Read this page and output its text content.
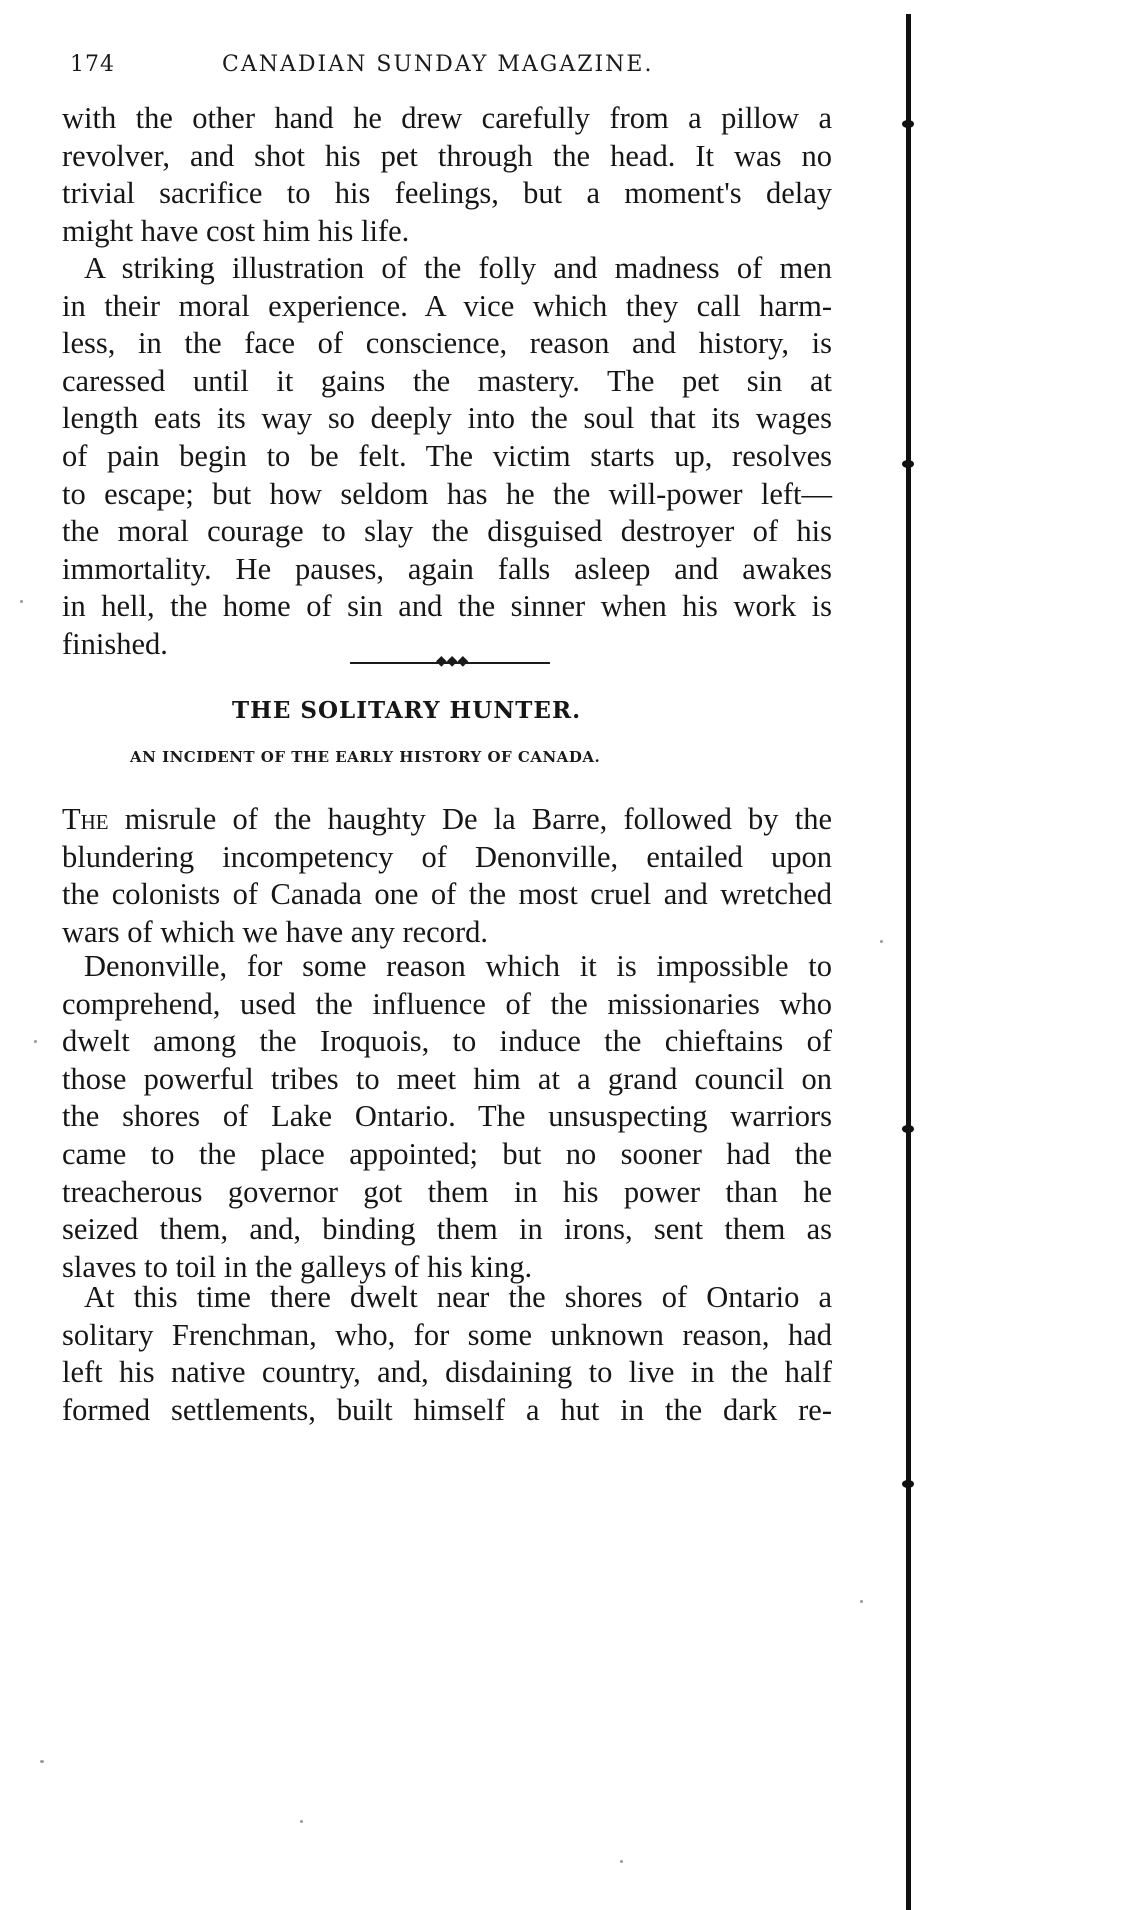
174	CANADIAN SUNDAY MAGAZINE.
with the other hand he drew carefully from a pillow a
revolver, and shot his pet through the head. It was no
trivial sacrifice to his feelings, but a moment's delay
might have cost him his life.
A striking illustration of the folly and madness of men
in their moral experience. A vice which they call harm-
less, in the face of conscience, reason and history, is
caressed until it gains the mastery. The pet sin at
length eats its way so deeply into the soul that its wages
of pain begin to be felt. The victim starts up, resolves
to escape; but how seldom has he the will-power left—
the moral courage to slay the disguised destroyer of his
immortality. He pauses, again falls asleep and awakes
in hell, the home of sin and the sinner when his work is
finished.
◆◆◆
THE SOLITARY HUNTER.
AN INCIDENT OF THE EARLY HISTORY OF CANADA.
The misrule of the haughty De la Barre, followed by the
blundering incompetency of Denonville, entailed upon
the colonists of Canada one of the most cruel and wretched
wars of which we have any record.
Denonville, for some reason which it is impossible to
comprehend, used the influence of the missionaries who
dwelt among the Iroquois, to induce the chieftains of
those powerful tribes to meet him at a grand council on
the shores of Lake Ontario. The unsuspecting warriors
came to the place appointed; but no sooner had the
treacherous governor got them in his power than he
seized them, and, binding them in irons, sent them as
slaves to toil in the galleys of his king.
At this time there dwelt near the shores of Ontario a
solitary Frenchman, who, for some unknown reason, had
left his native country, and, disdaining to live in the half
formed settlements, built himself a hut in the dark re-
